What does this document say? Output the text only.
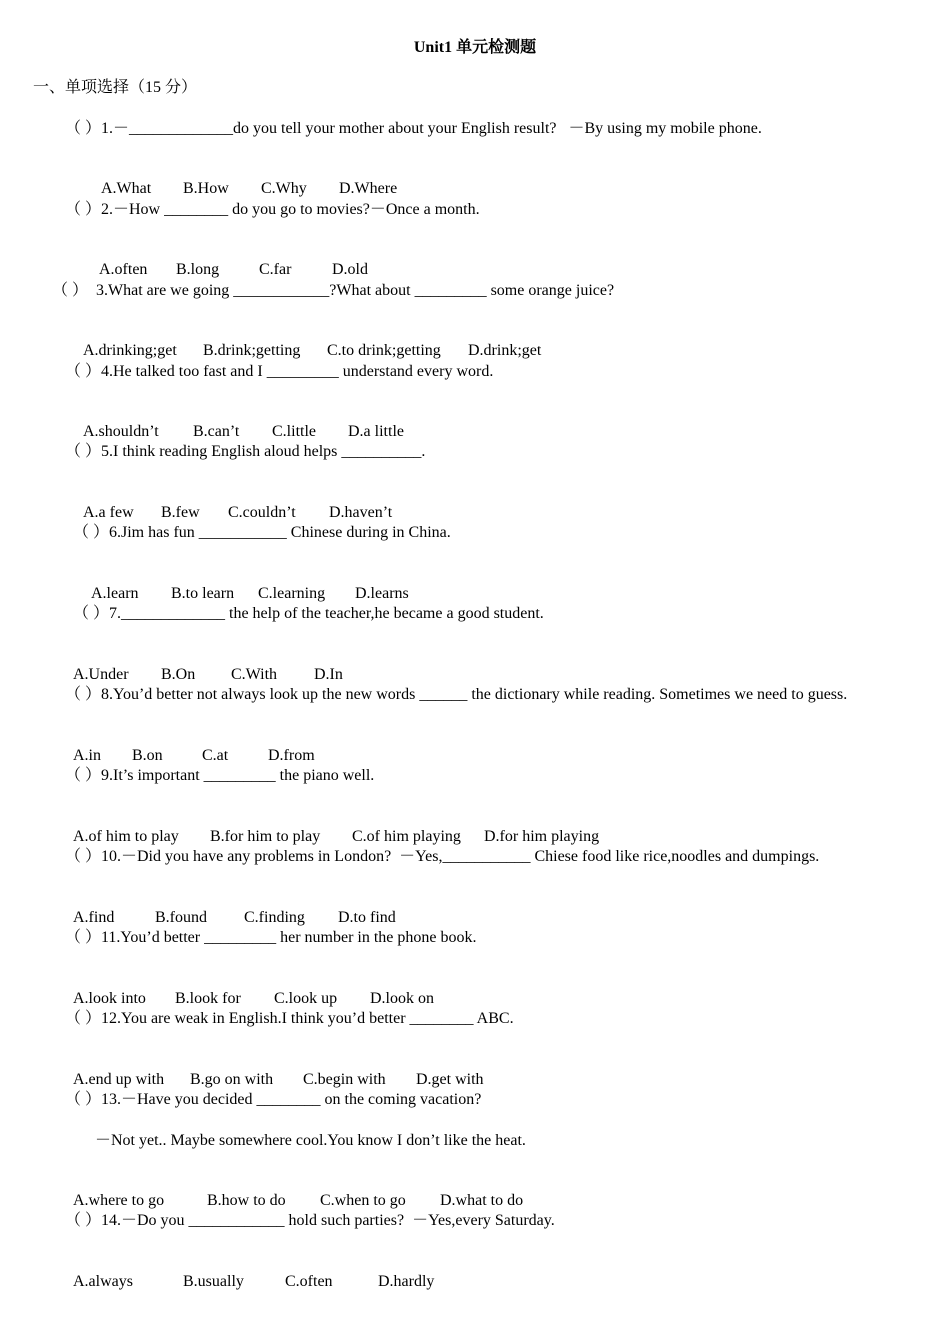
Unit1 单元检测题
一、单项选择（15 分）
（ ）1.－_____________do you tell your mother about your English result?   －By using my mobile phone.

A.What B.How C.Why D.Where

（ ）2.－How ________ do you go to movies?－Once a month.

A.often B.long C.far	D.old

（ ）  3.What are we going ____________?What about _________ some orange juice?

A.drinking;get B.drink;getting C.to drink;getting D.drink;get

（ ）4.He talked too fast and I _________ understand every word.

A.shouldn’t B.can’t C.little D.a little

（ ）5.I think reading English aloud helps __________.

A.a few B.few C.couldn’t D.haven’t

（ ）6.Jim has fun ___________ Chinese during in China.

A.learn B.to learn C.learning D.learns

（ ）7._____________ the help of the teacher,he became a good student.

A.Under B.On C.With D.In

（ ）8.You’d better not always look up the new words ______ the dictionary while reading. Sometimes we need to guess.

A.in B.on C.at D.from

（ ）9.It’s important _________ the piano well.

A.of him to play B.for him to play C.of him playing D.for him playing

（ ）10.－Did you have any problems in London?  －Yes,___________ Chiese food like rice,noodles and dumpings.

A.find	B.found C.finding D.to find

（ ）11.You’d better _________ her number in the phone book.

A.look into B.look for C.look up D.look on

（ ）12.You are weak in English.I think you’d better ________ ABC.

A.end up with B.go on with C.begin with D.get with

（ ）13.－Have you decided ________ on the coming vacation?
－Not yet.. Maybe somewhere cool.You know I don’t like the heat.

A.where to go	B.how to do C.when to go D.what to do

（ ）14.－Do you ____________ hold such parties?  －Yes,every Saturday.

A.always	B.usually	C.often	D.hardly
